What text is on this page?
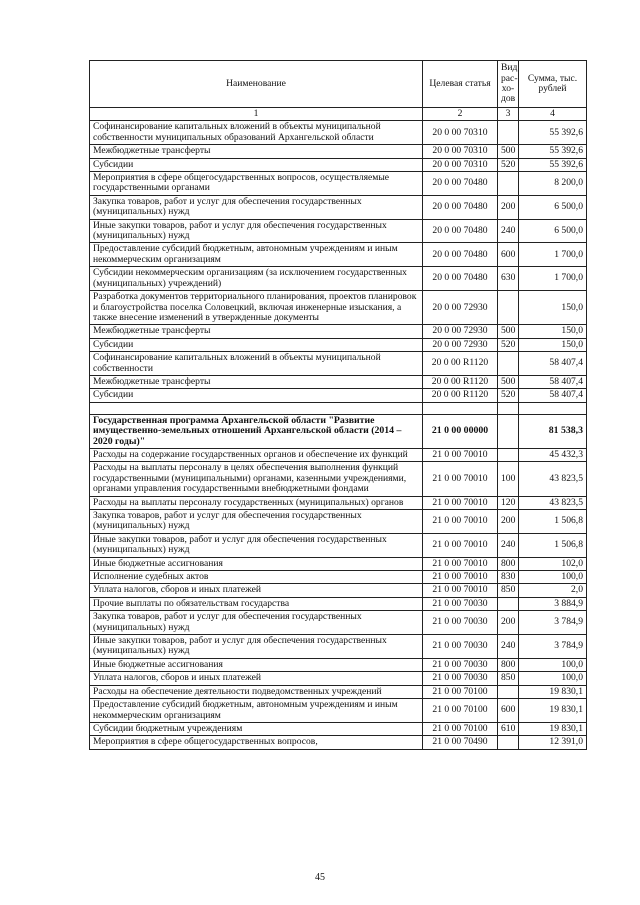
Наименование	Целевая статья	Вид рас-хо-дов	Сумма, тыс. рублей
1	2	3	4
Софинансирование капитальных вложений в объекты муниципальной собственности муниципальных образований Архангельской области	20 0 00 70310		55 392,6
Межбюджетные трансферты	20 0 00 70310	500	55 392,6
Субсидии	20 0 00 70310	520	55 392,6
Мероприятия в сфере общегосударственных вопросов, осуществляемые государственными органами	20 0 00 70480		8 200,0
Закупка товаров, работ и услуг для обеспечения государственных (муниципальных) нужд	20 0 00 70480	200	6 500,0
Иные закупки товаров, работ и услуг для обеспечения государственных (муниципальных) нужд	20 0 00 70480	240	6 500,0
Предоставление субсидий бюджетным, автономным учреждениям и иным некоммерческим организациям	20 0 00 70480	600	1 700,0
Субсидии некоммерческим организациям (за исключением государственных (муниципальных) учреждений)	20 0 00 70480	630	1 700,0
Разработка документов территориального планирования, проектов планировок и благоустройства поселка Соловецкий, включая инженерные изыскания, а также внесение изменений в утвержденные документы	20 0 00 72930		150,0
Межбюджетные трансферты	20 0 00 72930	500	150,0
Субсидии	20 0 00 72930	520	150,0
Софинансирование капитальных вложений в объекты муниципальной собственности	20 0 00 R1120		58 407,4
Межбюджетные трансферты	20 0 00 R1120	500	58 407,4
Субсидии	20 0 00 R1120	520	58 407,4

Государственная программа Архангельской области "Развитие имущественно-земельных отношений Архангельской области (2014 – 2020 годы)"	21 0 00 00000		81 538,3
Расходы на содержание государственных органов и обеспечение их функций	21 0 00 70010		45 432,3
Расходы на выплаты персоналу в целях обеспечения выполнения функций государственными (муниципальными) органами, казенными учреждениями, органами управления государственными внебюджетными фондами	21 0 00 70010	100	43 823,5
Расходы на выплаты персоналу государственных (муниципальных) органов	21 0 00 70010	120	43 823,5
Закупка товаров, работ и услуг для обеспечения государственных (муниципальных) нужд	21 0 00 70010	200	1 506,8
Иные закупки товаров, работ и услуг для обеспечения государственных (муниципальных) нужд	21 0 00 70010	240	1 506,8
Иные бюджетные ассигнования	21 0 00 70010	800	102,0
Исполнение судебных актов	21 0 00 70010	830	100,0
Уплата налогов, сборов и иных платежей	21 0 00 70010	850	2,0
Прочие выплаты по обязательствам государства	21 0 00 70030		3 884,9
Закупка товаров, работ и услуг для обеспечения государственных (муниципальных) нужд	21 0 00 70030	200	3 784,9
Иные закупки товаров, работ и услуг для обеспечения государственных (муниципальных) нужд	21 0 00 70030	240	3 784,9
Иные бюджетные ассигнования	21 0 00 70030	800	100,0
Уплата налогов, сборов и иных платежей	21 0 00 70030	850	100,0
Расходы на обеспечение деятельности подведомственных учреждений	21 0 00 70100		19 830,1
Предоставление субсидий бюджетным, автономным учреждениям и иным некоммерческим организациям	21 0 00 70100	600	19 830,1
Субсидии бюджетным учреждениям	21 0 00 70100	610	19 830,1
Мероприятия в сфере общегосударственных вопросов,	21 0 00 70490		12 391,0
45
